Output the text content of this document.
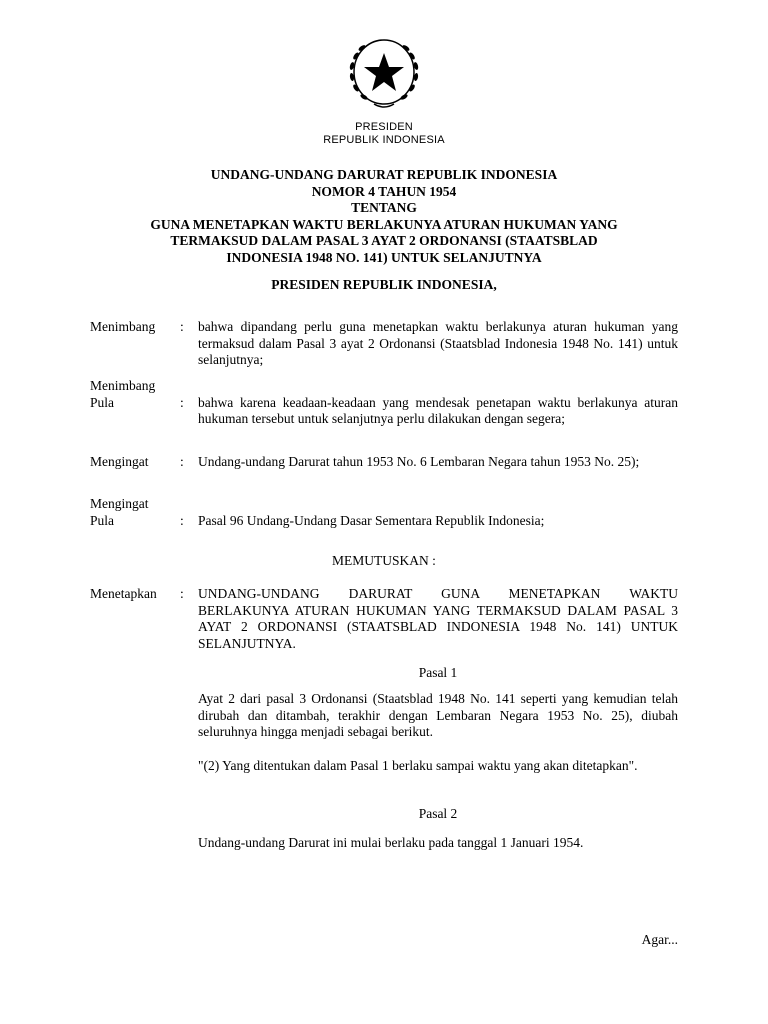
PRESIDEN
REPUBLIK INDONESIA
UNDANG-UNDANG DARURAT REPUBLIK INDONESIA
NOMOR 4 TAHUN 1954
TENTANG
GUNA MENETAPKAN WAKTU BERLAKUNYA ATURAN HUKUMAN YANG
TERMAKSUD DALAM PASAL 3 AYAT 2 ORDONANSI (STAATSBLAD
INDONESIA 1948 NO. 141) UNTUK SELANJUTNYA
PRESIDEN REPUBLIK INDONESIA,
Menimbang	:	bahwa dipandang perlu guna menetapkan waktu berlakunya aturan hukuman yang termaksud dalam Pasal 3 ayat 2 Ordonansi (Staatsblad Indonesia 1948 No. 141) untuk selanjutnya;
Menimbang
Pula	:	bahwa karena keadaan-keadaan yang mendesak penetapan waktu berlakunya aturan hukuman tersebut untuk selanjutnya perlu dilakukan dengan segera;
Mengingat	:	Undang-undang Darurat tahun 1953 No. 6 Lembaran Negara tahun 1953 No. 25);
Mengingat
Pula	:	Pasal 96 Undang-Undang Dasar Sementara Republik Indonesia;
MEMUTUSKAN :
Menetapkan	:	UNDANG-UNDANG DARURAT GUNA MENETAPKAN WAKTU BERLAKUNYA ATURAN HUKUMAN YANG TERMAKSUD DALAM PASAL 3 AYAT 2 ORDONANSI (STAATSBLAD INDONESIA 1948 No. 141) UNTUK SELANJUTNYA.
Pasal 1
Ayat 2 dari pasal 3 Ordonansi (Staatsblad 1948 No. 141 seperti yang kemudian telah dirubah dan ditambah, terakhir dengan Lembaran Negara 1953 No. 25), diubah seluruhnya hingga menjadi sebagai berikut.
"(2) Yang ditentukan dalam Pasal 1 berlaku sampai waktu yang akan ditetapkan".
Pasal 2
Undang-undang Darurat ini mulai berlaku pada tanggal 1 Januari 1954.
Agar...
